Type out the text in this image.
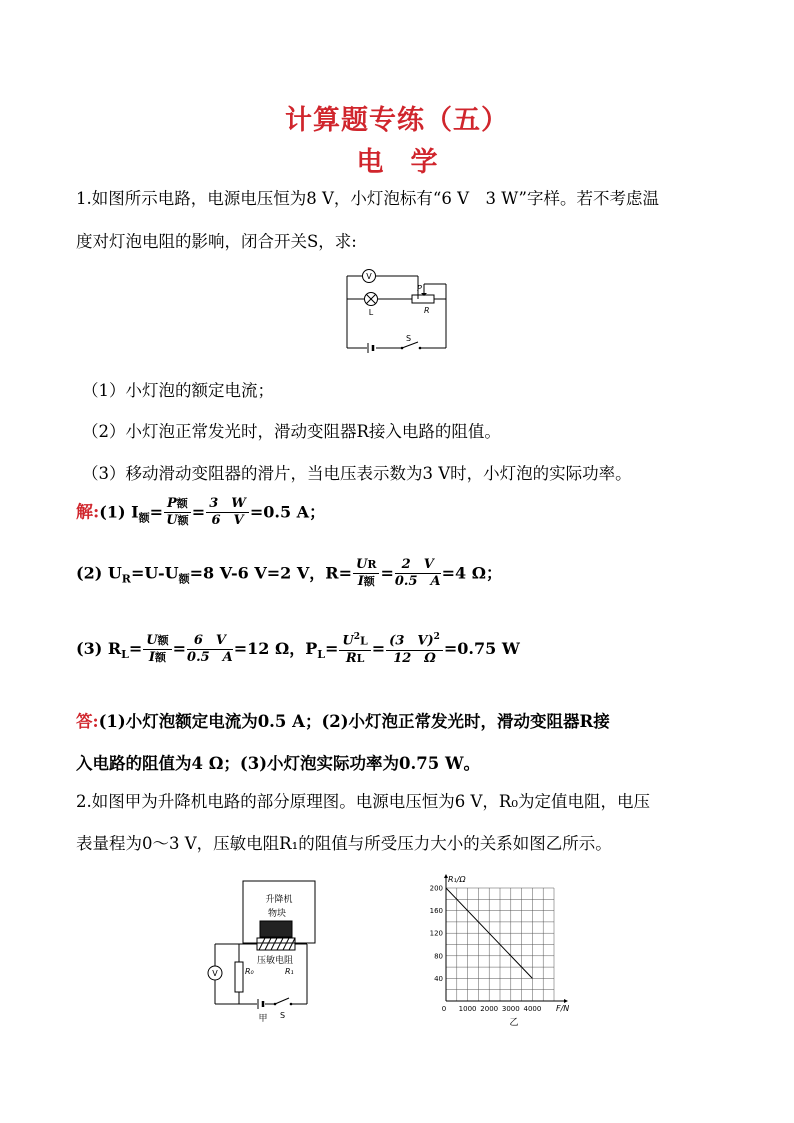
计算题专练（五）
电　学
1.如图所示电路，电源电压恒为8 V，小灯泡标有“6 V　3 W”字样。若不考虑温
度对灯泡电阻的影响，闭合开关S，求:
V
L
P
R
S
（1）小灯泡的额定电流；
（2）小灯泡正常发光时，滑动变阻器R接入电路的阻值。
（3）移动滑动变阻器的滑片，当电压表示数为3 V时，小灯泡的实际功率。
解:(1) $I_额= \frac{\text{P额}}{\text{U额}} = \frac{3 W}{6 V} =0.5$ A；
(2) $U_R=U-U_额=8$ V-6 V=2 V，$R= \frac{UR}{\text{I额}} = \frac{2 V}{0.5 A} =4$ Ω；
(3) $R_L= \frac{\text{U额}}{\text{I额}} = \frac{6 V}{0.5 A} =12$ Ω，$P_L= \frac{U^2L}{RL} = \frac{(3 V)^2}{12 \Omega} =0.75$ W
答:(1)小灯泡额定电流为0.5 A；(2)小灯泡正常发光时，滑动变阻器R接
入电路的阻值为4 Ω；(3)小灯泡实际功率为0.75 W。
2.如图甲为升降机电路的部分原理图。电源电压恒为6 V，R₀为定值电阻，电压
表量程为0～3 V，压敏电阻R₁的阻值与所受压力大小的关系如图乙所示。
V
S
升降机
物块
压敏电阻
R₀	R₁
甲
0 1000 2000 3000 4000
40
80
120
160
200
R₁/Ω
F/N
乙
